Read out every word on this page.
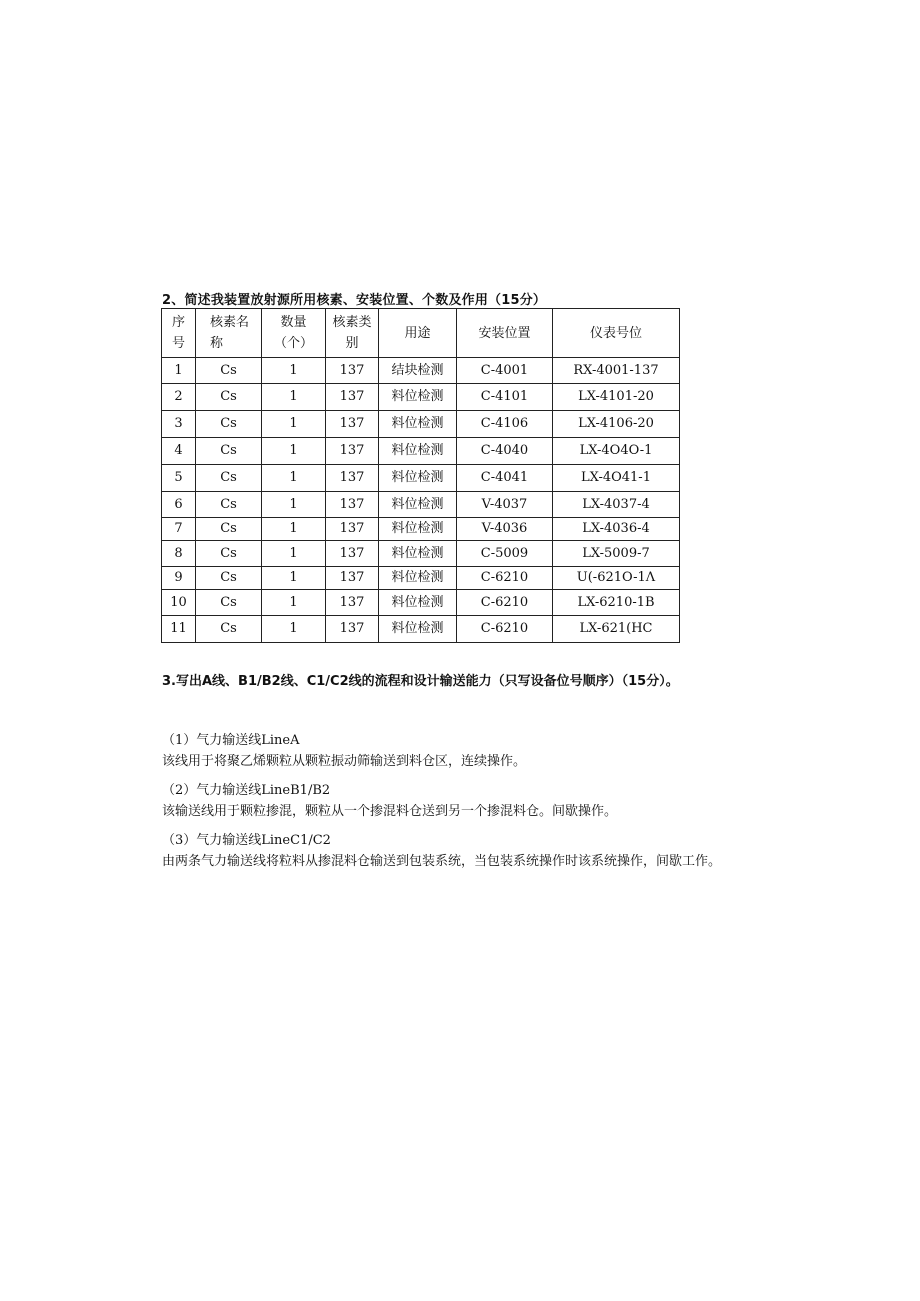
2、简述我装置放射源所用核素、安装位置、个数及作用（15分）
序号	核素名称	数量（个）	核素类别	用途	安装位置	仪表号位
1	Cs	1	137	结块检测	C-4001	RX-4001-137
2	Cs	1	137	料位检测	C-4101	LX-4101-20
3	Cs	1	137	料位检测	C-4106	LX-4106-20
4	Cs	1	137	料位检测	C-4040	LX-4O4O-1
5	Cs	1	137	料位检测	C-4041	LX-4O41-1
6	Cs	1	137	料位检测	V-4037	LX-4037-4
7	Cs	1	137	料位检测	V-4036	LX-4036-4
8	Cs	1	137	料位检测	C-5009	LX-5009-7
9	Cs	1	137	料位检测	C-6210	U(-621O-1Λ
10	Cs	1	137	料位检测	C-6210	LX-6210-1B
11	Cs	1	137	料位检测	C-6210	LX-621(HC
3.写出A线、B1/B2线、C1/C2线的流程和设计输送能力（只写设备位号顺序）（15分）。
（1）气力输送线LineA
该线用于将聚乙烯颗粒从颗粒振动筛输送到料仓区，连续操作。
（2）气力输送线LineB1/B2
该输送线用于颗粒掺混，颗粒从一个掺混料仓送到另一个掺混料仓。间歇操作。
（3）气力输送线LineC1/C2
由两条气力输送线将粒料从掺混料仓输送到包装系统，当包装系统操作时该系统操作，间歇工作。
